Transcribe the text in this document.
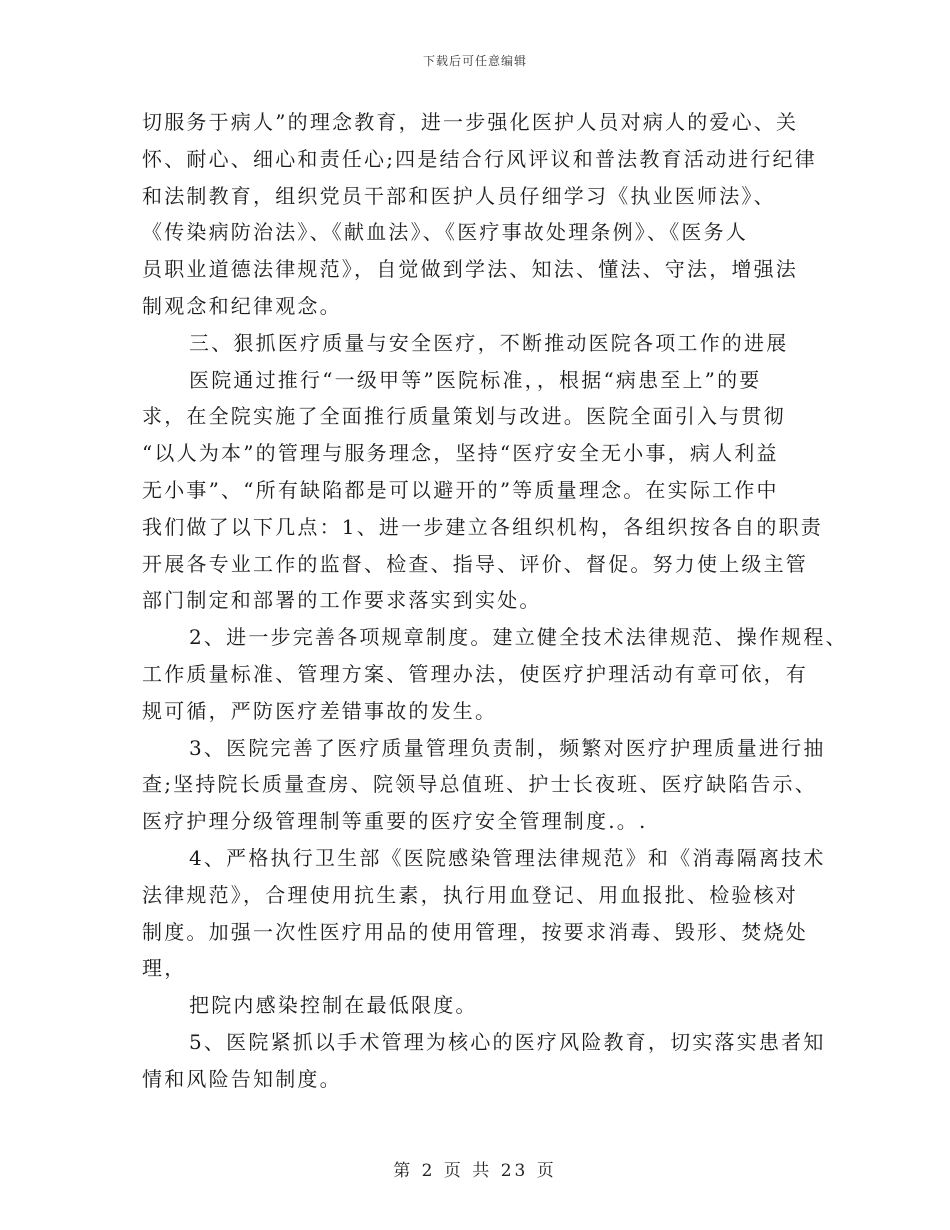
下载后可任意编辑
切服务于病人”的理念教育，进一步强化医护人员对病人的爱心、关
怀、耐心、细心和责任心;四是结合行风评议和普法教育活动进行纪律
和法制教育，组织党员干部和医护人员仔细学习《执业医师法》、
《传染病防治法》、《献血法》、《医疗事故处理条例》、《医务人
员职业道德法律规范》，自觉做到学法、知法、懂法、守法，增强法
制观念和纪律观念。
三、狠抓医疗质量与安全医疗，不断推动医院各项工作的进展
医院通过推行“一级甲等”医院标准，，根据“病患至上”的要
求，在全院实施了全面推行质量策划与改进。医院全面引入与贯彻
“以人为本”的管理与服务理念，坚持“医疗安全无小事，病人利益
无小事”、“所有缺陷都是可以避开的”等质量理念。在实际工作中
我们做了以下几点：1、进一步建立各组织机构，各组织按各自的职责
开展各专业工作的监督、检查、指导、评价、督促。努力使上级主管
部门制定和部署的工作要求落实到实处。
2、进一步完善各项规章制度。建立健全技术法律规范、操作规程、
工作质量标准、管理方案、管理办法，使医疗护理活动有章可依，有
规可循，严防医疗差错事故的发生。
3、医院完善了医疗质量管理负责制，频繁对医疗护理质量进行抽
查;坚持院长质量查房、院领导总值班、护士长夜班、医疗缺陷告示、
医疗护理分级管理制等重要的医疗安全管理制度.。.
4、严格执行卫生部《医院感染管理法律规范》和《消毒隔离技术
法律规范》，合理使用抗生素，执行用血登记、用血报批、检验核对
制度。加强一次性医疗用品的使用管理，按要求消毒、毁形、焚烧处
理，
把院内感染控制在最低限度。
5、医院紧抓以手术管理为核心的医疗风险教育，切实落实患者知
情和风险告知制度。
第 2 页 共 23 页
